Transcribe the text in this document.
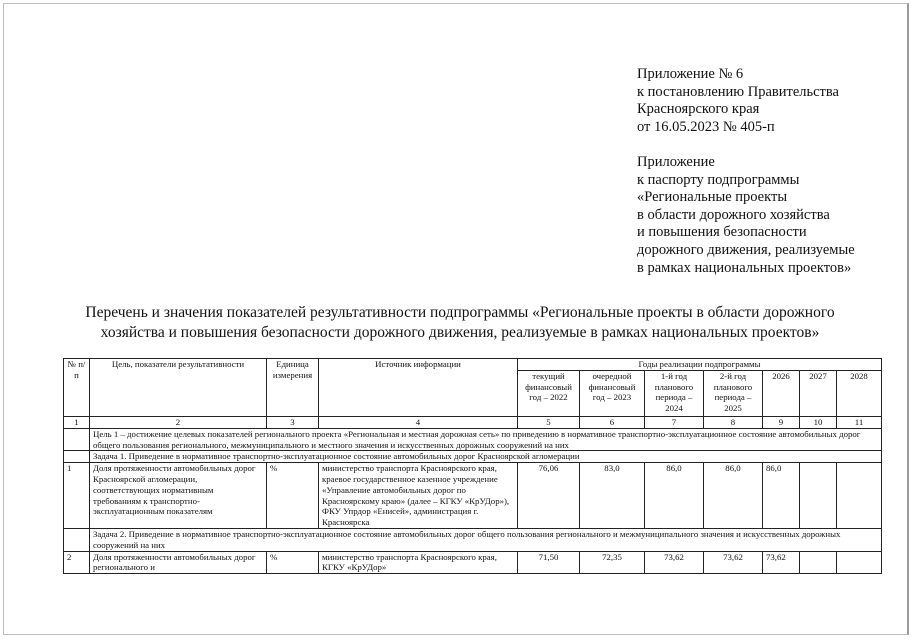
Приложение № 6
к постановлению Правительства
Красноярского края
от 16.05.2023 № 405-п
Приложение
к паспорту подпрограммы
«Региональные проекты
в области дорожного хозяйства
и повышения безопасности
дорожного движения, реализуемые
в рамках национальных проектов»
Перечень и значения показателей результативности подпрограммы «Региональные проекты в области дорожного
хозяйства и повышения безопасности дорожного движения, реализуемые в рамках национальных проектов»
№ п/п	Цель, показатели результативности	Единица измерения	Источник информации	Годы реализации подпрограммы						
				текущий финансовый год – 2022	очередной финансовый год – 2023	1-й год планового периода – 2024	2-й год планового периода – 2025	2026	2027	2028
1	2	3	4	5	6	7	8	9	10	11
	Цель 1 – достижение целевых показателей регионального проекта «Региональная и местная дорожная сеть» по приведению в нормативное транспортно-эксплуатационное состояние автомобильных дорог общего пользования регионального, межмуниципального и местного значения и искусственных дорожных сооружений на них									
	Задача 1. Приведение в нормативное транспортно-эксплуатационное состояние автомобильных дорог Красноярской агломерации									
1	Доля протяженности автомобильных дорог Красноярской агломерации, соответствующих нормативным требованиям к транспортно-эксплуатационным показателям	%	министерство транспорта Красноярского края, краевое государственное казенное учреждение «Управление автомобильных дорог по Красноярскому краю» (далее – КГКУ «КрУДор»), ФКУ Упрдор «Енисей», администрация г. Красноярска	76,06	83,0	86,0	86,0	86,0		
	Задача 2. Приведение в нормативное транспортно-эксплуатационное состояние автомобильных дорог общего пользования регионального и межмуниципального значения и искусственных дорожных сооружений на них									
2	Доля протяженности автомобильных дорог регионального и	%	министерство транспорта Красноярского края, КГКУ «КрУДор»	71,50	72,35	73,62	73,62	73,62		
